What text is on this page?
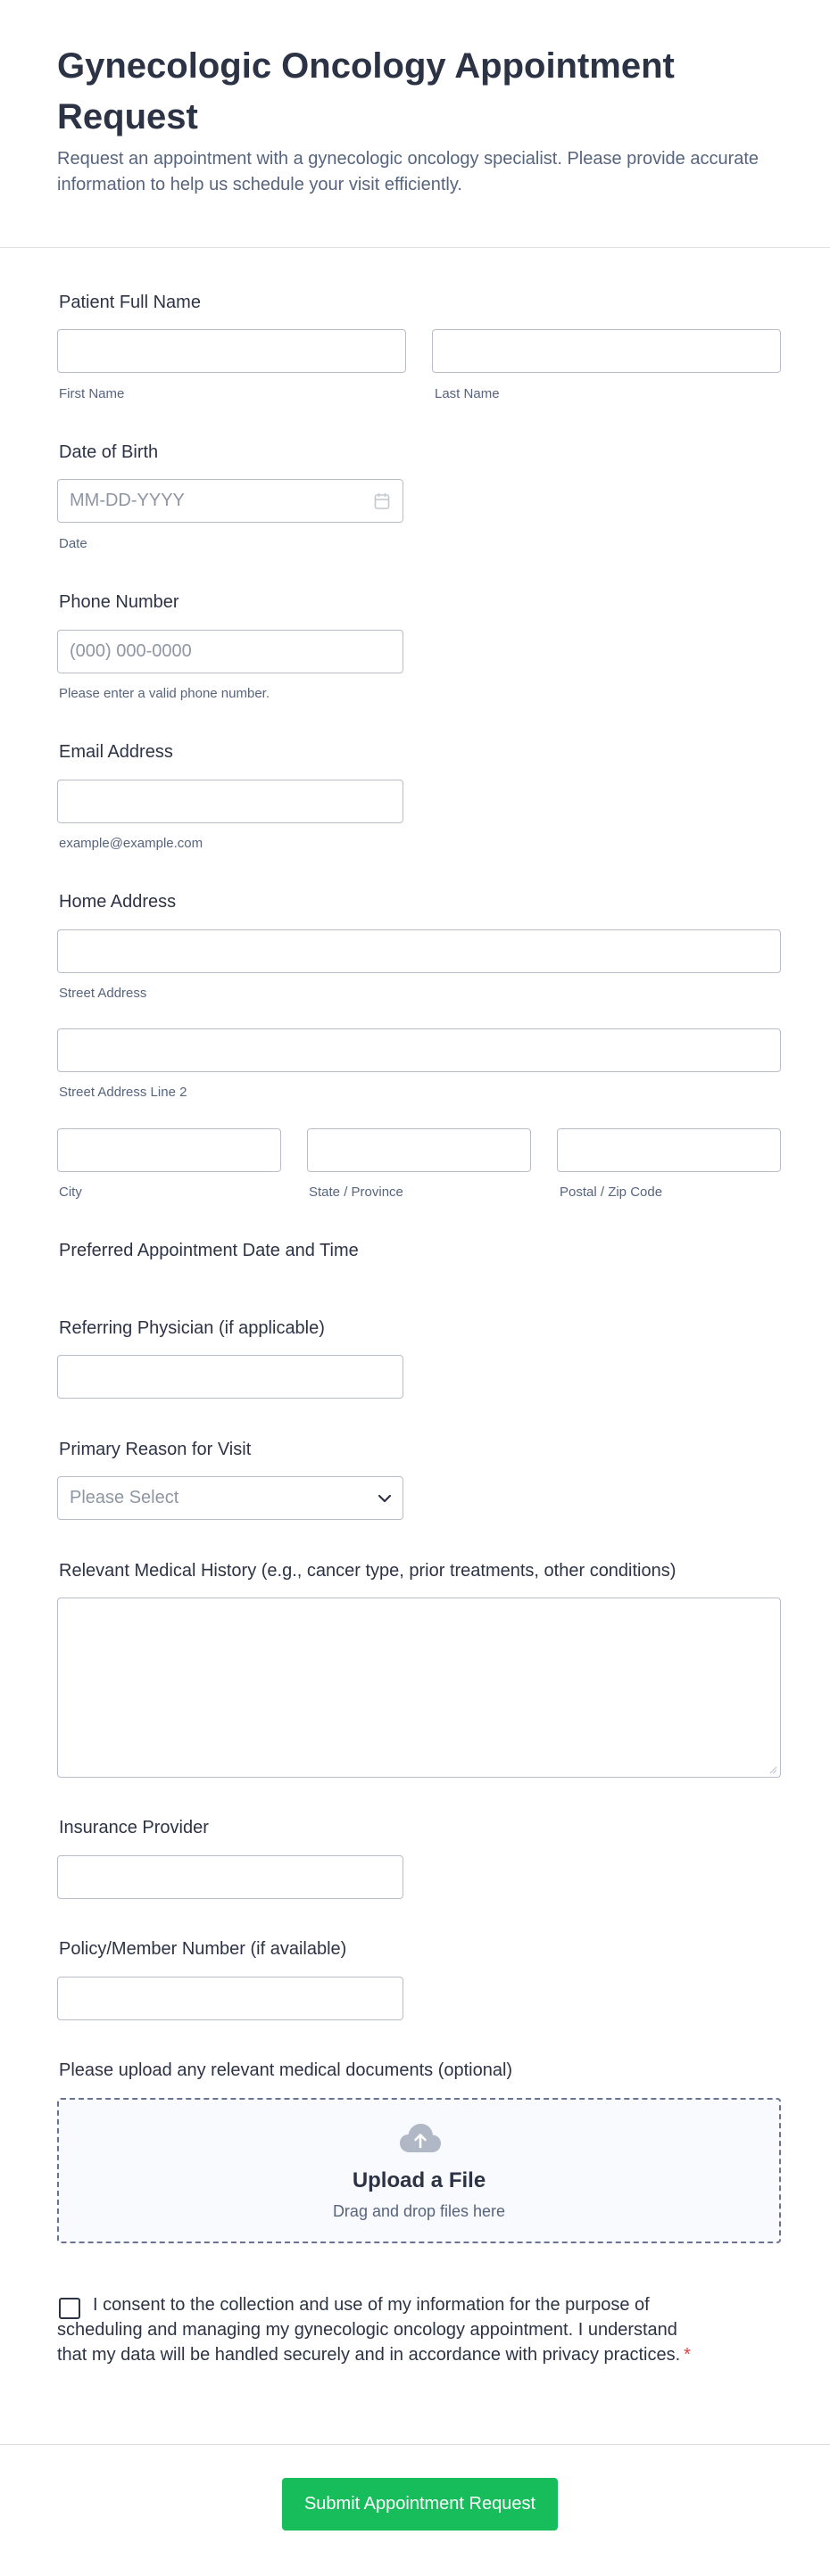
Gynecologic Oncology Appointment Request
Request an appointment with a gynecologic oncology specialist. Please provide accurate information to help us schedule your visit efficiently.
Patient Full Name
First Name	Last Name
Date of Birth
MM-DD-YYYY
Date
Phone Number
(000) 000-0000
Please enter a valid phone number.
Email Address
example@example.com
Home Address
Street Address
Street Address Line 2
City	State / Province	Postal / Zip Code
Preferred Appointment Date and Time
Referring Physician (if applicable)
Primary Reason for Visit
Please Select
Relevant Medical History (e.g., cancer type, prior treatments, other conditions)
Insurance Provider
Policy/Member Number (if available)
Please upload any relevant medical documents (optional)
Upload a File
Drag and drop files here
I consent to the collection and use of my information for the purpose of scheduling and managing my gynecologic oncology appointment. I understand that my data will be handled securely and in accordance with privacy practices. *
Submit Appointment Request
